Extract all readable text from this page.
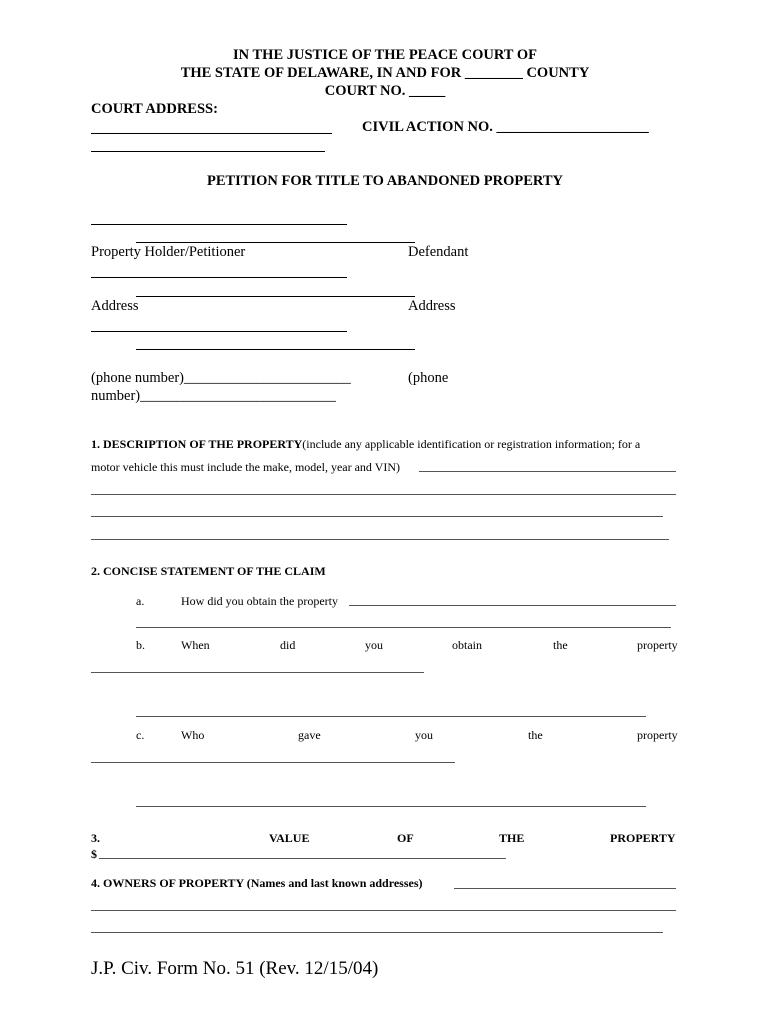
IN THE JUSTICE OF THE PEACE COURT OF
THE STATE OF DELAWARE, IN AND FOR ________ COUNTY
COURT NO. _____
COURT ADDRESS:
CIVIL ACTION NO. _____________________
PETITION FOR TITLE TO ABANDONED PROPERTY
Property Holder/Petitioner	Defendant
Address	Address
(phone number)_______________________	(phone
number)___________________________
1. DESCRIPTION OF THE PROPERTY(include any applicable identification or registration information; for a
motor vehicle this must include the make, model, year and VIN)
2. CONCISE STATEMENT OF THE CLAIM
a.	How did you obtain the property
b.	When	did	you	obtain	the	property
c.	Who	gave	you	the	property
3.	VALUE	OF	THE	PROPERTY
$
4. OWNERS OF PROPERTY (Names and last known addresses)
J.P. Civ. Form No. 51 (Rev. 12/15/04)
